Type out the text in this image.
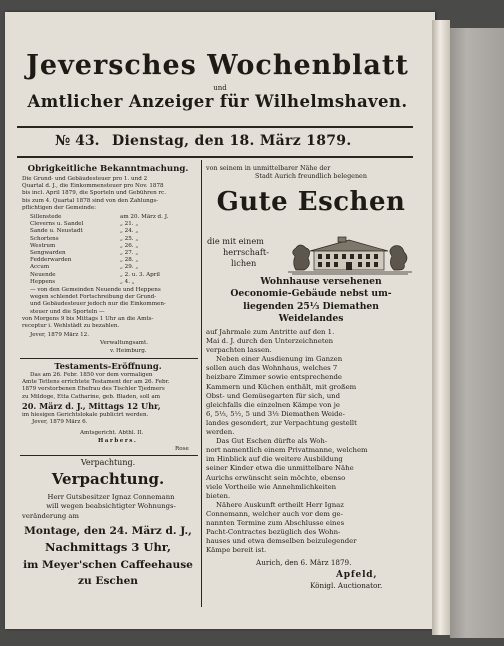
Jeversches Wochenblatt
und
Amtlicher Anzeiger für Wilhelmshaven.
№ 43. Dienstag, den 18. März 1879.
Obrigkeitliche Bekanntmachung.
Die Grund- und Gebäudesteuer pro 1. und 2
Quartal d. J., die Einkommensteuer pro Nov. 1878
bis incl. April 1879, die Sporteln und Gebühren rc.
bis zum 4. Quartal 1878 sind von den Zahlungs-
pflichtigen der Gemeinde:
Sillenstede	am 20. März d. J.
Cleverns u. Sandel	„ 21. „
Sande u. Neustadt	„ 24. „
Schortens	„ 25. „
Westrum	„ 26. „
Sengwarden	„ 27. „
Fedderwarden	„ 28. „
Accum	„ 29. „
Neuende	„ 2. u. 3. April
Heppens	„ 4. „
— von den Gemeinden Neuende und Heppens
wegen schlendet Fortschreibung der Grund-
und Gebäudesteuer jedoch nur die Einkommen-
steuer und die Sporteln —
von Morgens 9 bis Mittags 1 Uhr an die Amts-
receptur i. Wehlstädt zu bezahlen.
Jever, 1879 März 12.
Verwaltungsamt.
v. Heimburg.
Testaments-Eröffnung.
Das am 26. Febr. 1850 vor dem vormaligen
Amte Tettens errichtete Testament der am 26. Febr.
1879 verstorbenen Ehefrau des Tischler Tjedmers
zu Mildoge, Etta Catharine, geb. Bladen, soll am
20. März d. J., Mittags 12 Uhr,
im hiesigen Gerichtslokale publicirt werden.
Jever, 1879 März 6.
Amtsgericht. Abthl. II.
Harbers.
Rose
Verpachtung.
Verpachtung.
Herr Gutsbesitzer Ignaz Connemann
will wegen beabsichtigter Wohnungs-
veränderung am
Montage, den 24. März d. J.,
Nachmittags 3 Uhr,
im Meyer'schen Caffeehause
zu Eschen
von seinem in unmittelbarer Nähe der
Stadt Aurich freundlich belegenen
Gute Eschen
die mit einem
herrschaft-
lichen
Wohnhause versehenen
Oeconomie-Gebäude nebst um-
liegenden 25⅓ Diemathen
Weidelandes
auf Jahrmale zum Antritte auf den 1.
Mai d. J. durch den Unterzeichneten
verpachten lassen.
Neben einer Ausdienung im Ganzen
sollen auch das Wohnhaus, welches 7
heizbare Zimmer sowie entsprechende
Kammern und Küchen enthält, mit großem
Obst- und Gemüsegarten für sich, und
gleichfalls die einzelnen Kämpe von je
6, 5⅓, 5½, 5 und 3⅓ Diemathen Weide-
landes gesondert, zur Verpachtung gestellt
werden.
Das Gut Eschen dürfte als Woh-
nort namentlich einem Privatmanne, welchem
im Hinblick auf die weitere Ausbildung
seiner Kinder etwa die unmittelbare Nähe
Aurichs erwünscht sein möchte, ebenso
viele Vortheile wie Annehmlichkeiten
bieten.
Nähere Auskunft ertheilt Herr Ignaz
Connemann, welcher auch vor dem ge-
nannten Termine zum Abschlusse eines
Pacht-Contractes bezüglich des Wohn-
hauses und etwa demselben beizulegender
Kämpe bereit ist.
Aurich, den 6. März 1879.
Apfeld,
Königl. Auctionator.
